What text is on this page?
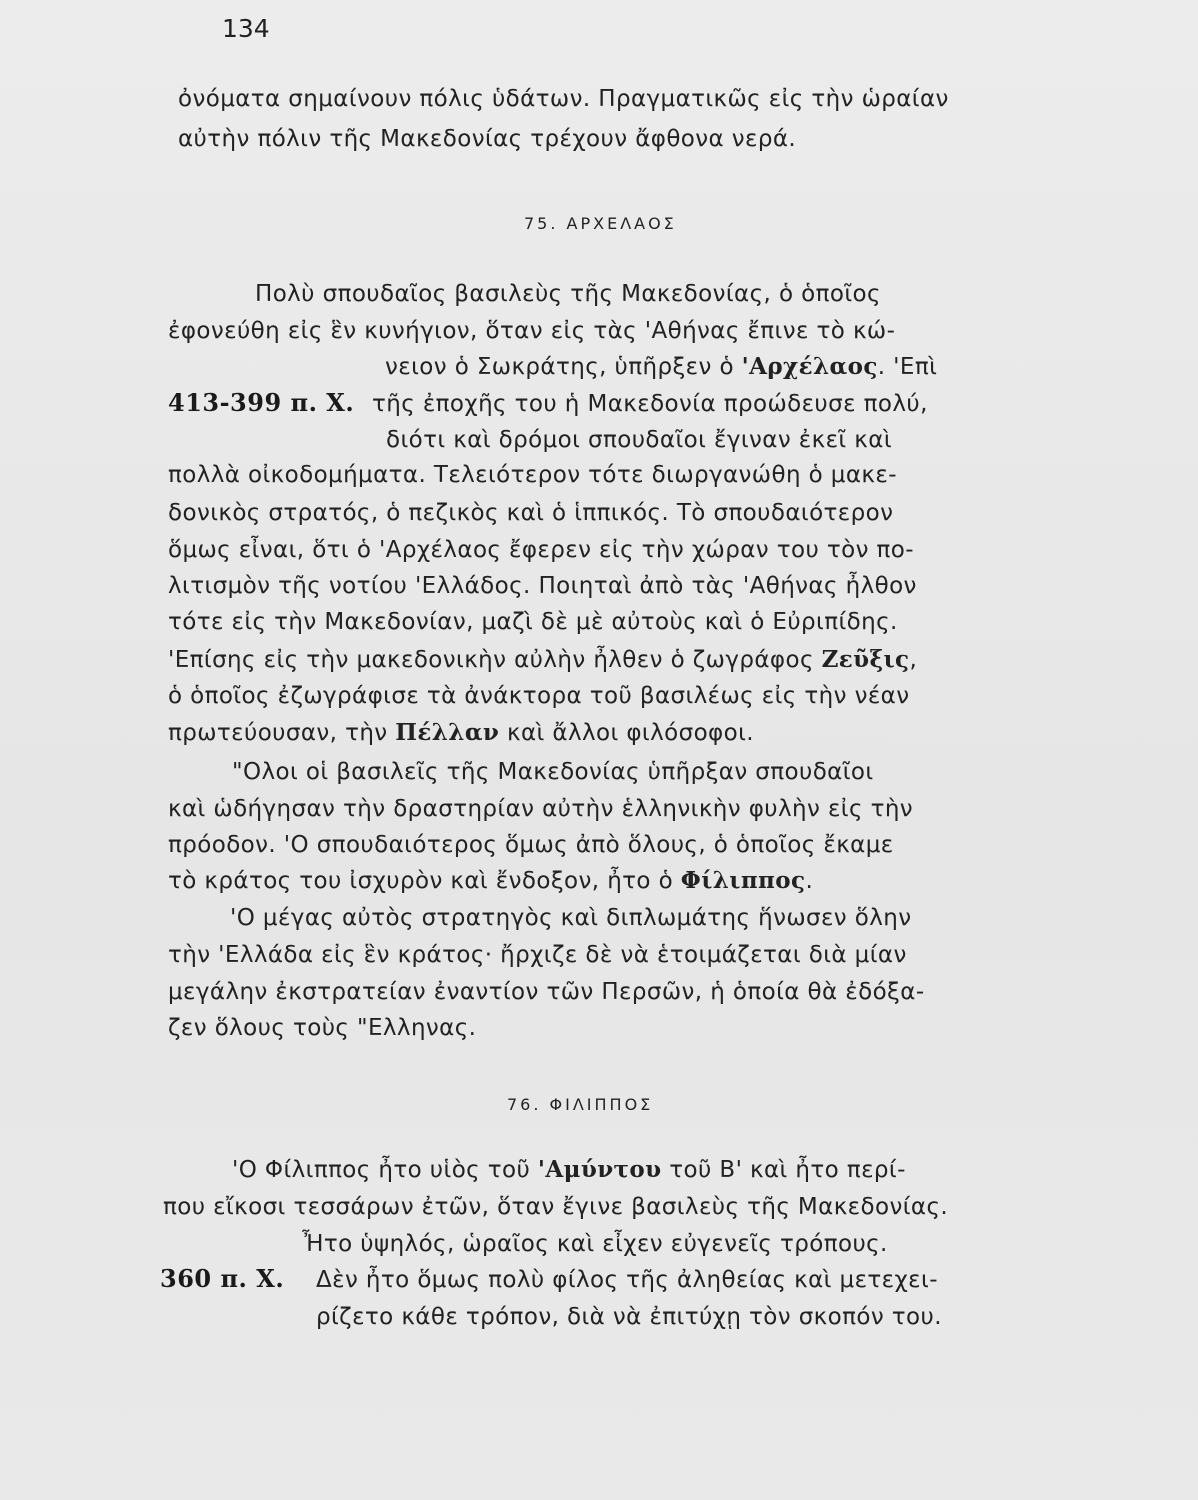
134
ὀνόματα σημαίνουν πόλις ὑδάτων. Πραγματικῶς εἰς τὴν ὡραίαν
αὐτὴν πόλιν τῆς Μακεδονίας τρέχουν ἄφθονα νερά.
75. ΑΡΧΕΛΑΟΣ
Πολὺ σπουδαῖος βασιλεὺς τῆς Μακεδονίας, ὁ ὁποῖος
ἐφονεύθη εἰς ἓν κυνήγιον, ὅταν εἰς τὰς 'Αθήνας ἔπινε τὸ κώ-
νειον ὁ Σωκράτης, ὑπῆρξεν ὁ 'Αρχέλαος. 'Επὶ
413-399 π. Χ. τῆς ἐποχῆς του ἡ Μακεδονία προώδευσε πολύ,
διότι καὶ δρόμοι σπουδαῖοι ἔγιναν ἐκεῖ καὶ
πολλὰ οἰκοδομήματα. Τελειότερον τότε διωργανώθη ὁ μακε-
δονικὸς στρατός, ὁ πεζικὸς καὶ ὁ ἱππικός. Τὸ σπουδαιότερον
ὅμως εἶναι, ὅτι ὁ 'Αρχέλαος ἔφερεν εἰς τὴν χώραν του τὸν πο-
λιτισμὸν τῆς νοτίου 'Ελλάδος. Ποιηταὶ ἀπὸ τὰς 'Αθήνας ἦλθον
τότε εἰς τὴν Μακεδονίαν, μαζὶ δὲ μὲ αὐτοὺς καὶ ὁ Εὐριπίδης.
'Επίσης εἰς τὴν μακεδονικὴν αὐλὴν ἦλθεν ὁ ζωγράφος Ζεῦξις,
ὁ ὁποῖος ἐζωγράφισε τὰ ἀνάκτορα τοῦ βασιλέως εἰς τὴν νέαν
πρωτεύουσαν, τὴν Πέλλαν καὶ ἄλλοι φιλόσοφοι.
"Ολοι οἱ βασιλεῖς τῆς Μακεδονίας ὑπῆρξαν σπουδαῖοι
καὶ ὡδήγησαν τὴν δραστηρίαν αὐτὴν ἑλληνικὴν φυλὴν εἰς τὴν
πρόοδον. 'Ο σπουδαιότερος ὅμως ἀπὸ ὅλους, ὁ ὁποῖος ἔκαμε
τὸ κράτος του ἰσχυρὸν καὶ ἔνδοξον, ἦτο ὁ Φίλιππος.
'Ο μέγας αὐτὸς στρατηγὸς καὶ διπλωμάτης ἥνωσεν ὅλην
τὴν 'Ελλάδα εἰς ἓν κράτος· ἤρχιζε δὲ νὰ ἑτοιμάζεται διὰ μίαν
μεγάλην ἐκστρατείαν ἐναντίον τῶν Περσῶν, ἡ ὁποία θὰ ἐδόξα-
ζεν ὅλους τοὺς "Ελληνας.
76. ΦΙΛΙΠΠΟΣ
'Ο Φίλιππος ἦτο υἱὸς τοῦ 'Αμύντου τοῦ Β' καὶ ἦτο περί-
που εἴκοσι τεσσάρων ἐτῶν, ὅταν ἔγινε βασιλεὺς τῆς Μακεδονίας.
Ἦτο ὑψηλός, ὡραῖος καὶ εἶχεν εὐγενεῖς τρόπους.
360 π. Χ. Δὲν ἦτο ὅμως πολὺ φίλος τῆς ἀληθείας καὶ μετεχει-
ρίζετο κάθε τρόπον, διὰ νὰ ἐπιτύχῃ τὸν σκοπόν του.
